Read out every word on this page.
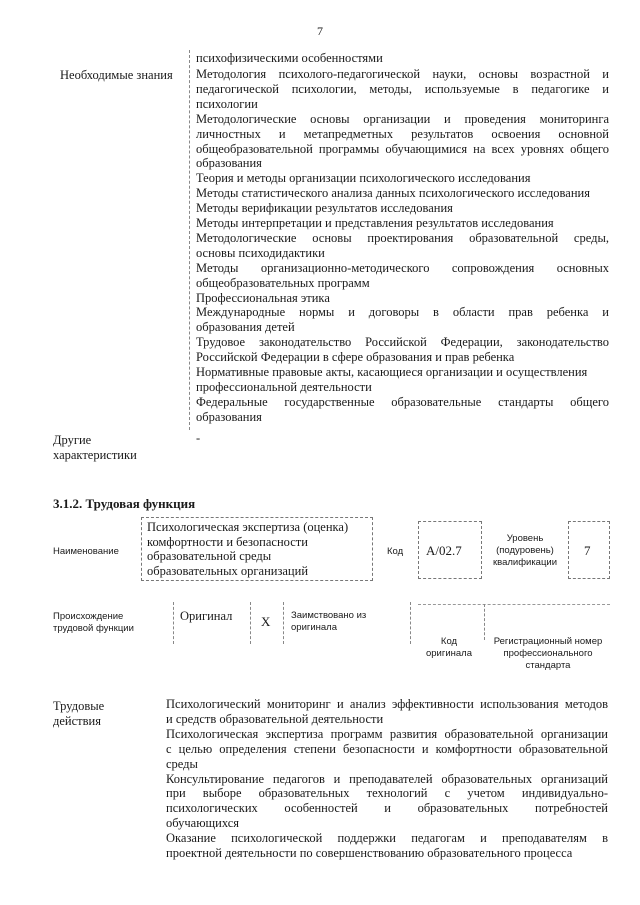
7
психофизическими особенностями
Необходимые знания Методология психолого-педагогической науки, основы возрастной и
педагогической психологии, методы, используемые в педагогике и
психологии
Методологические основы организации и проведения мониторинга
личностных и метапредметных результатов освоения основной
общеобразовательной программы обучающимися на всех уровнях общего
образования
Теория и методы организации психологического исследования
Методы статистического анализа данных психологического исследования
Методы верификации результатов исследования
Методы интерпретации и представления результатов исследования
Методологические основы проектирования образовательной среды,
основы психодидактики
Методы организационно-методического сопровождения основных
общеобразовательных программ
Профессиональная этика
Международные нормы и договоры в области прав ребенка и
образования детей
Трудовое законодательство Российской Федерации, законодательство
Российской Федерации в сфере образования и прав ребенка
Нормативные правовые акты, касающиеся организации и осуществления
профессиональной деятельности
Федеральные государственные образовательные стандарты общего
образования
Другие
характеристики
-
3.1.2. Трудовая функция
Наименование
Психологическая экспертиза (оценка)
комфортности и безопасности
образовательной среды
образовательных организаций
Код A/02.7
Уровень
(подуровень)
квалификации
7
Происхождение
трудовой функции
Оригинал X Заимствовано из
оригинала
Код
оригинала
Регистрационный номер
профессионального
стандарта
Трудовые
действия
Психологический мониторинг и анализ эффективности использования методов
и средств образовательной деятельности
Психологическая экспертиза программ развития образовательной организации
с целью определения степени безопасности и комфортности образовательной
среды
Консультирование педагогов и преподавателей образовательных организаций
при выборе образовательных технологий с учетом индивидуально-
психологических особенностей и образовательных потребностей
обучающихся
Оказание психологической поддержки педагогам и преподавателям в
проектной деятельности по совершенствованию образовательного процесса
